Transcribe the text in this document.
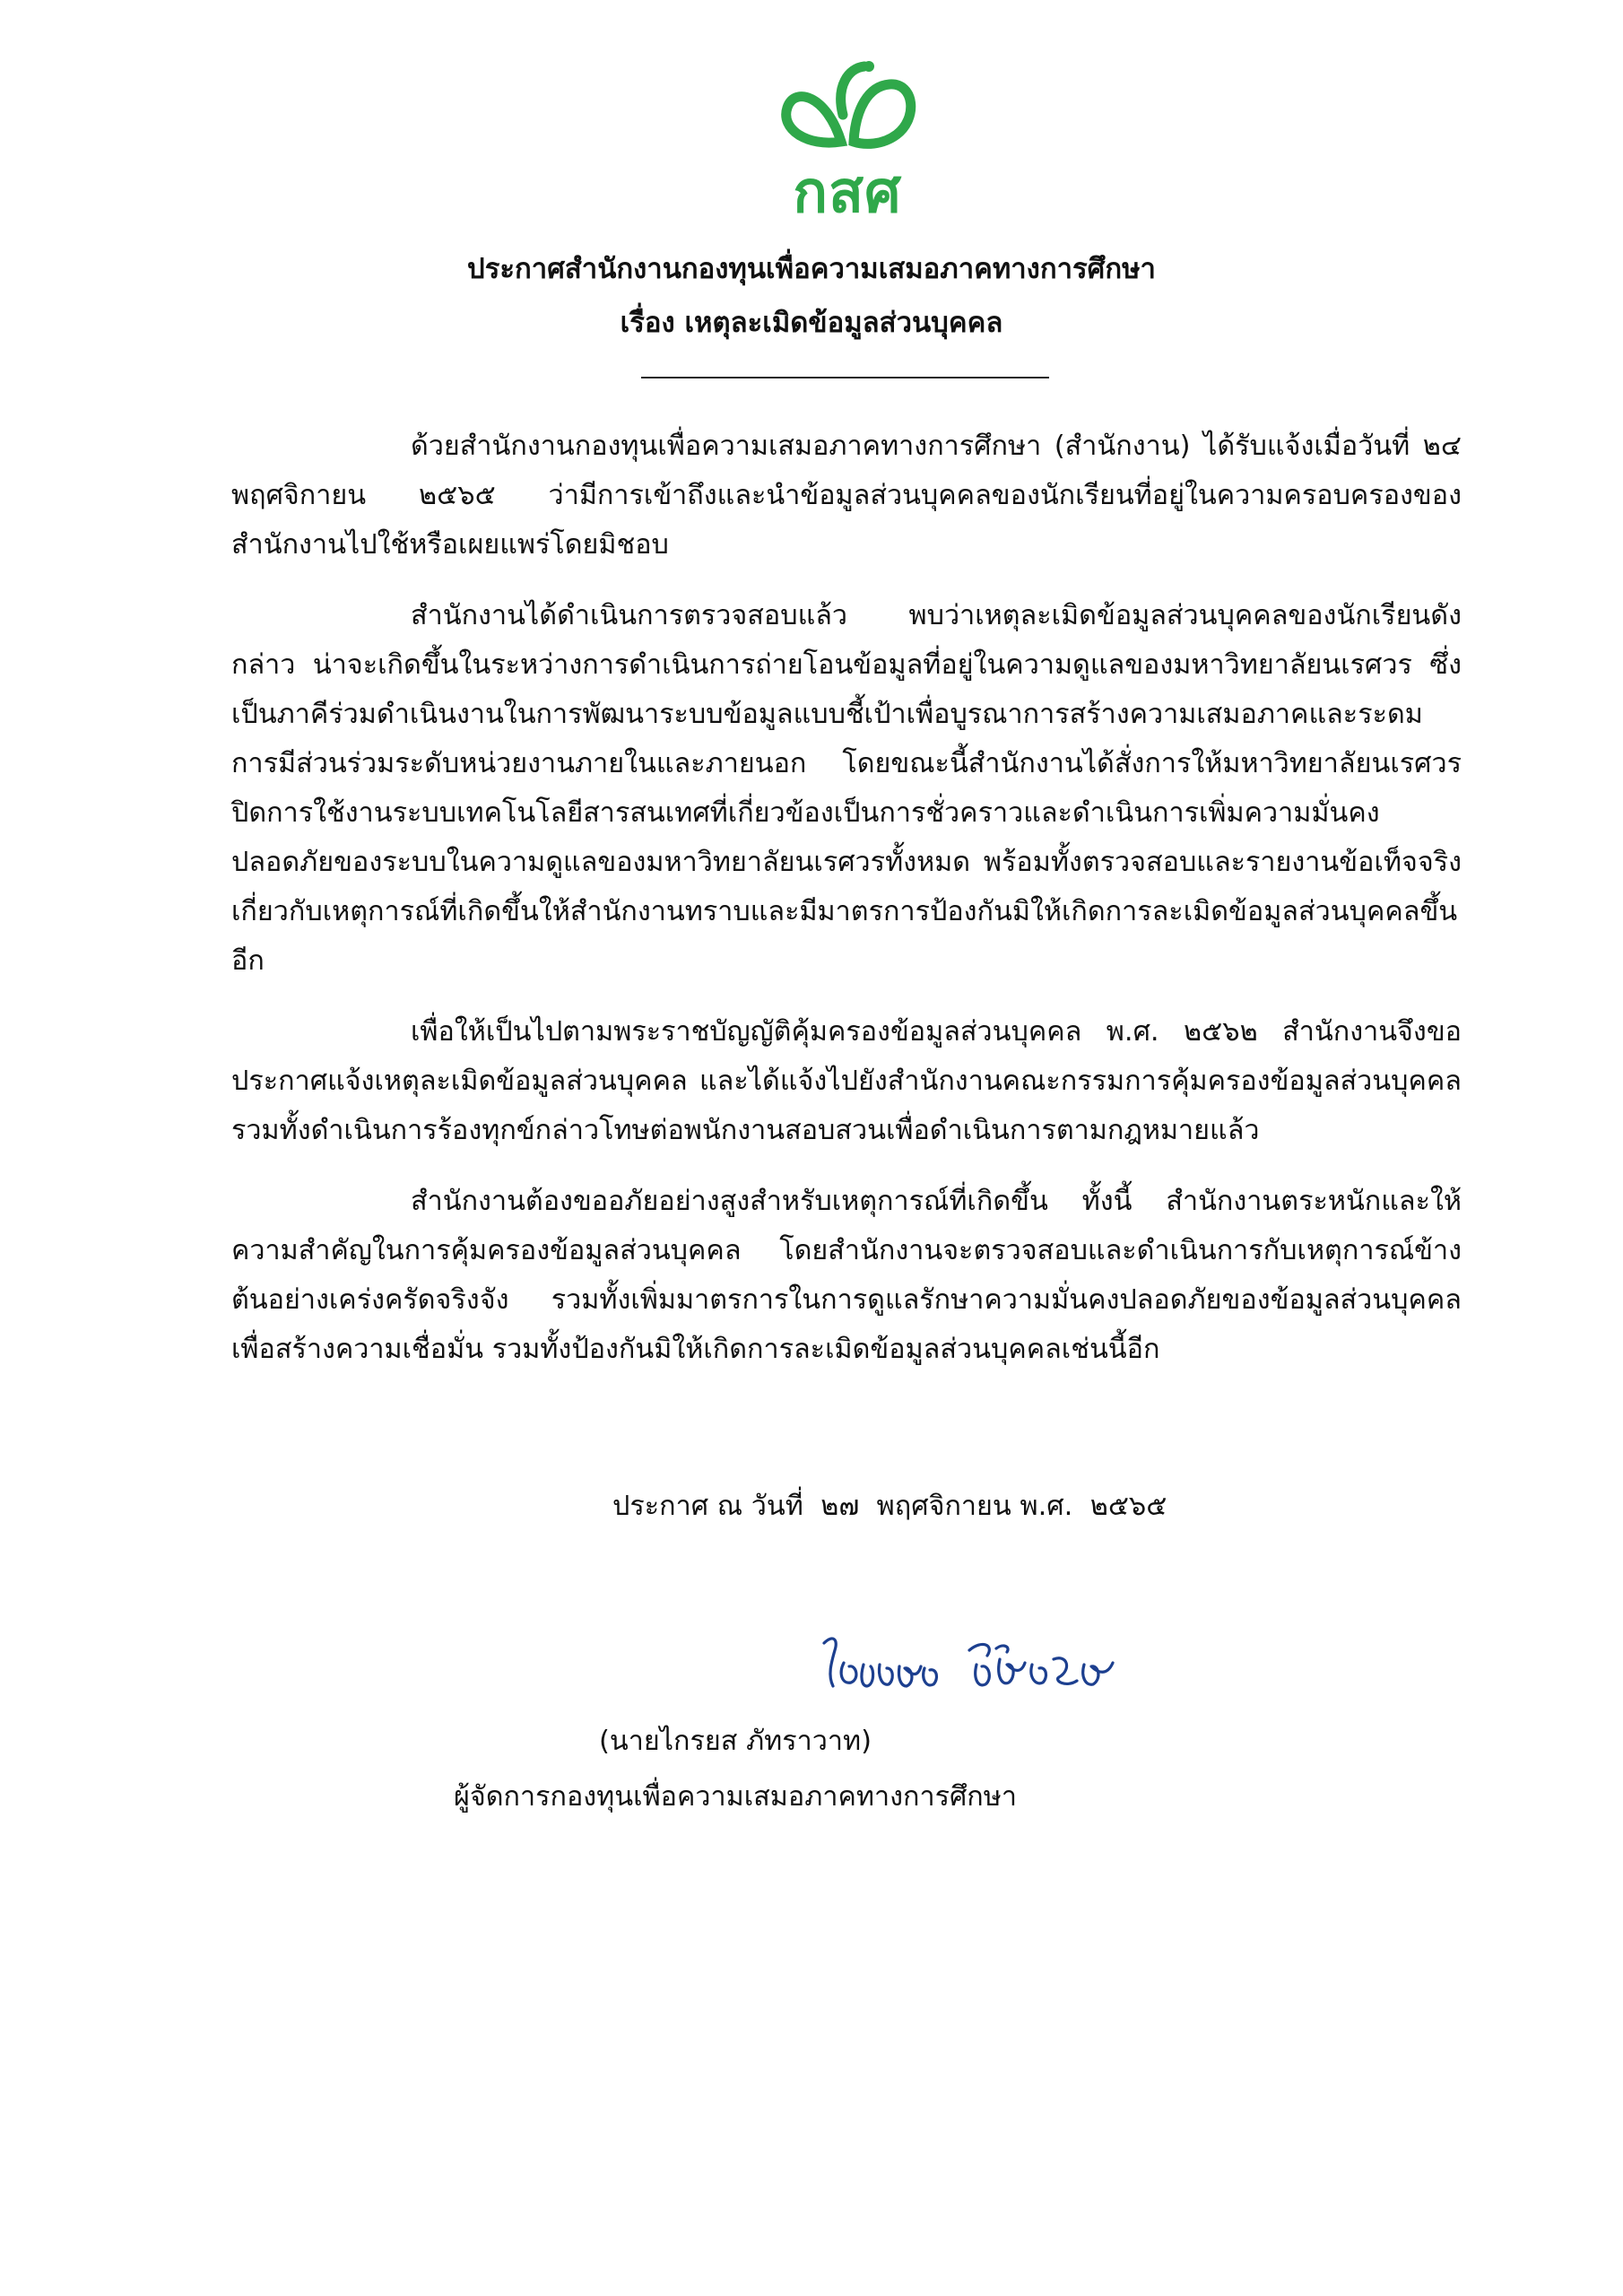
กสศ
ประกาศสำนักงานกองทุนเพื่อความเสมอภาคทางการศึกษา
เรื่อง เหตุละเมิดข้อมูลส่วนบุคคล

ด้วยสำนักงานกองทุนเพื่อความเสมอภาคทางการศึกษา (สำนักงาน) ได้รับแจ้งเมื่อวันที่ ๒๔ พฤศจิกายน ๒๕๖๕ ว่ามีการเข้าถึงและนำข้อมูลส่วนบุคคลของนักเรียนที่อยู่ในความครอบครองของสำนักงานไปใช้หรือเผยแพร่โดยมิชอบ

สำนักงานได้ดำเนินการตรวจสอบแล้ว พบว่าเหตุละเมิดข้อมูลส่วนบุคคลของนักเรียนดังกล่าว น่าจะเกิดขึ้นในระหว่างการดำเนินการถ่ายโอนข้อมูลที่อยู่ในความดูแลของมหาวิทยาลัยนเรศวร ซึ่งเป็นภาคีร่วมดำเนินงานในการพัฒนาระบบข้อมูลแบบชี้เป้าเพื่อบูรณาการสร้างความเสมอภาคและระดมการมีส่วนร่วมระดับหน่วยงานภายในและภายนอก โดยขณะนี้สำนักงานได้สั่งการให้มหาวิทยาลัยนเรศวรปิดการใช้งานระบบเทคโนโลยีสารสนเทศที่เกี่ยวข้องเป็นการชั่วคราวและดำเนินการเพิ่มความมั่นคงปลอดภัยของระบบในความดูแลของมหาวิทยาลัยนเรศวรทั้งหมด พร้อมทั้งตรวจสอบและรายงานข้อเท็จจริงเกี่ยวกับเหตุการณ์ที่เกิดขึ้นให้สำนักงานทราบและมีมาตรการป้องกันมิให้เกิดการละเมิดข้อมูลส่วนบุคคลขึ้นอีก

เพื่อให้เป็นไปตามพระราชบัญญัติคุ้มครองข้อมูลส่วนบุคคล พ.ศ. ๒๕๖๒ สำนักงานจึงขอประกาศแจ้งเหตุละเมิดข้อมูลส่วนบุคคล และได้แจ้งไปยังสำนักงานคณะกรรมการคุ้มครองข้อมูลส่วนบุคคล รวมทั้งดำเนินการร้องทุกข์กล่าวโทษต่อพนักงานสอบสวนเพื่อดำเนินการตามกฎหมายแล้ว

สำนักงานต้องขออภัยอย่างสูงสำหรับเหตุการณ์ที่เกิดขึ้น ทั้งนี้ สำนักงานตระหนักและให้ความสำคัญในการคุ้มครองข้อมูลส่วนบุคคล โดยสำนักงานจะตรวจสอบและดำเนินการกับเหตุการณ์ข้างต้นอย่างเคร่งครัดจริงจัง รวมทั้งเพิ่มมาตรการในการดูแลรักษาความมั่นคงปลอดภัยของข้อมูลส่วนบุคคลเพื่อสร้างความเชื่อมั่น รวมทั้งป้องกันมิให้เกิดการละเมิดข้อมูลส่วนบุคคลเช่นนี้อีก

ประกาศ ณ วันที่  ๒๗  พฤศจิกายน พ.ศ.  ๒๕๖๕
(นายไกรยส ภัทราวาท)
ผู้จัดการกองทุนเพื่อความเสมอภาคทางการศึกษา
